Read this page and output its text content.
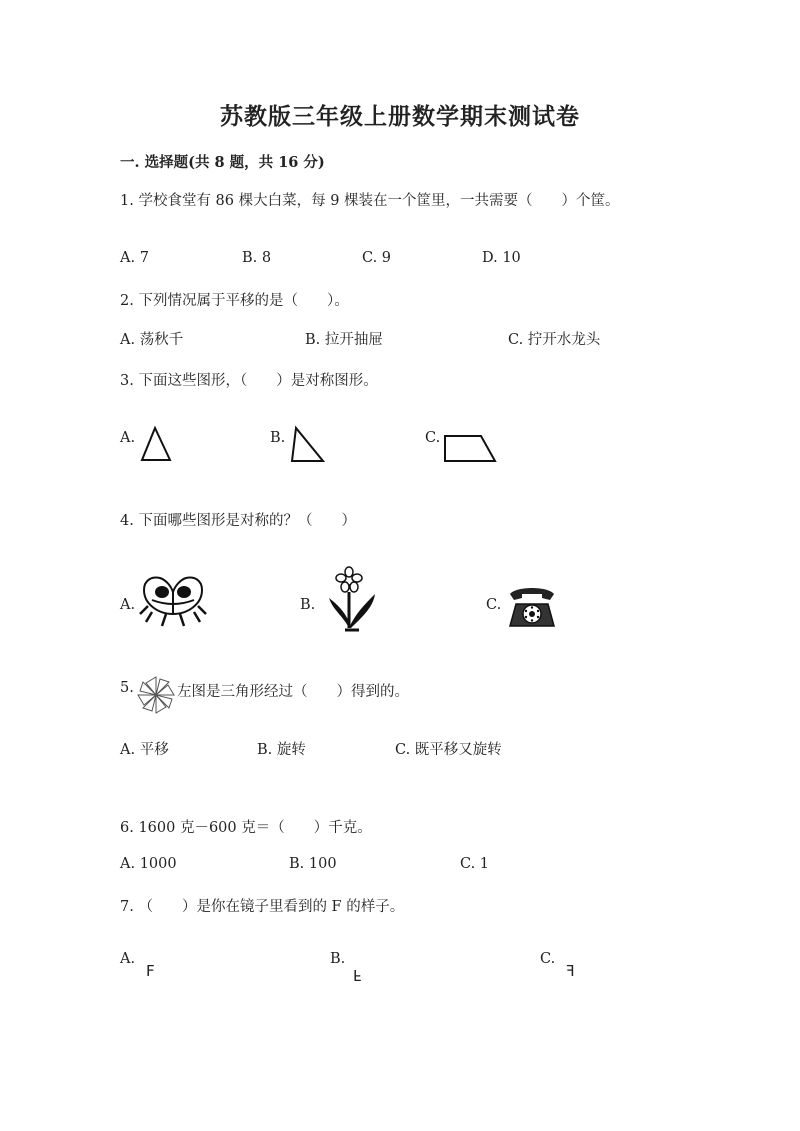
苏教版三年级上册数学期末测试卷
一. 选择题(共 8 题，共 16 分)
1. 学校食堂有 86 棵大白菜，每 9 棵装在一个筐里，一共需要（　　）个筐。
A. 7	B. 8	C. 9	D. 10
2. 下列情况属于平移的是（　　）。
A. 荡秋千	B. 拉开抽屉	C. 拧开水龙头
3. 下面这些图形，（　　）是对称图形。
A.	B.	C.
4. 下面哪些图形是对称的？（　　）
A.	B.	C.
5.	左图是三角形经过（　　）得到的。
A. 平移	B. 旋转	C. 既平移又旋转
6. 1600 克－600 克＝（　　）千克。
A. 1000	B. 100	C. 1
7. （　　）是你在镜子里看到的 F 的样子。
A.
F
B.
F
C.
F
